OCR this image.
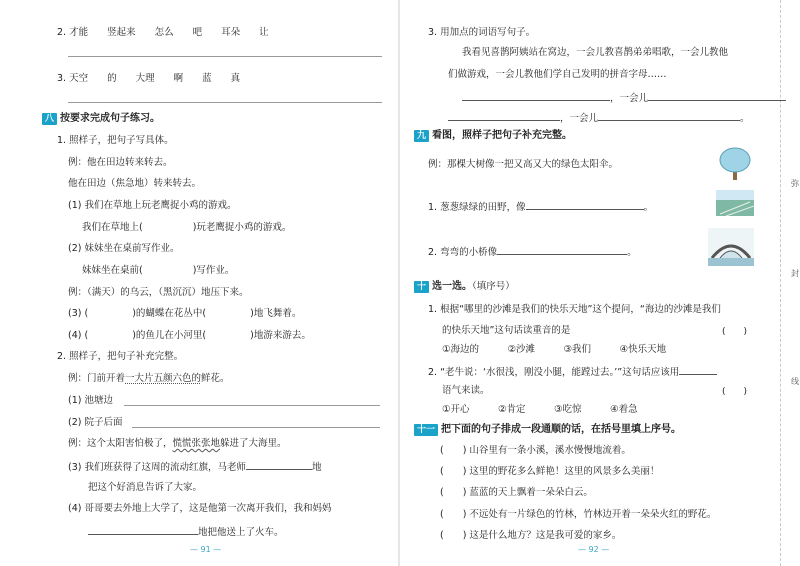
2. 才能　　竖起来　　怎么　　吧　　耳朵　　让
3. 天空　　的　　大理　　啊　　蓝　　真
八 按要求完成句子练习。
1. 照样子，把句子写具体。
例：他在田边转来转去。
他在田边（焦急地）转来转去。
(1) 我们在草地上玩老鹰捉小鸡的游戏。
我们在草地上(	)玩老鹰捉小鸡的游戏。
(2) 妹妹坐在桌前写作业。
妹妹坐在桌前(	)写作业。
例：（满天）的乌云，（黑沉沉）地压下来。
(3) (	)的蝴蝶在花丛中(	)地飞舞着。
(4) (	)的鱼儿在小河里(	)地游来游去。
2. 照样子，把句子补充完整。
例：门前开着一大片五颜六色的鲜花。
(1) 池塘边
(2) 院子后面
例：这个太阳害怕极了，慌慌张张地躲进了大海里。
(3) 我们班获得了这周的流动红旗，马老师	地
把这个好消息告诉了大家。
(4) 哥哥要去外地上大学了，这是他第一次离开我们，我和妈妈
地把他送上了火车。
— 91 —
弥
封
线
3. 用加点的词语写句子。
我看见喜鹊阿姨站在窝边，一会儿教喜鹊弟弟唱歌，一会儿教他
们做游戏，一会儿教他们学自己发明的拼音字母……
，一会儿
，一会儿	。
九 看图，照样子把句子补充完整。
例：那棵大树像一把又高又大的绿色太阳伞。
1. 葱葱绿绿的田野，像	。
2. 弯弯的小桥像	。
十 选一选。（填序号）
1. 根据“哪里的沙滩是我们的快乐天地”这个提问，“海边的沙滩是我们
的快乐天地”这句话读重音的是	(　　)
①海边的　　　②沙滩　　　③我们　　　④快乐天地
2. “老牛说：‘水很浅，刚没小腿，能蹚过去。’”这句话应该用
语气来读。	(　　)
①开心　　　②肯定　　　③吃惊　　　④着急
十一 把下面的句子排成一段通顺的话，在括号里填上序号。
(　　) 山谷里有一条小溪，溪水慢慢地流着。
(　　) 这里的野花多么鲜艳！这里的风景多么美丽！
(　　) 蓝蓝的天上飘着一朵朵白云。
(　　) 不远处有一片绿色的竹林，竹林边开着一朵朵火红的野花。
(　　) 这是什么地方？这是我可爱的家乡。
— 92 —
